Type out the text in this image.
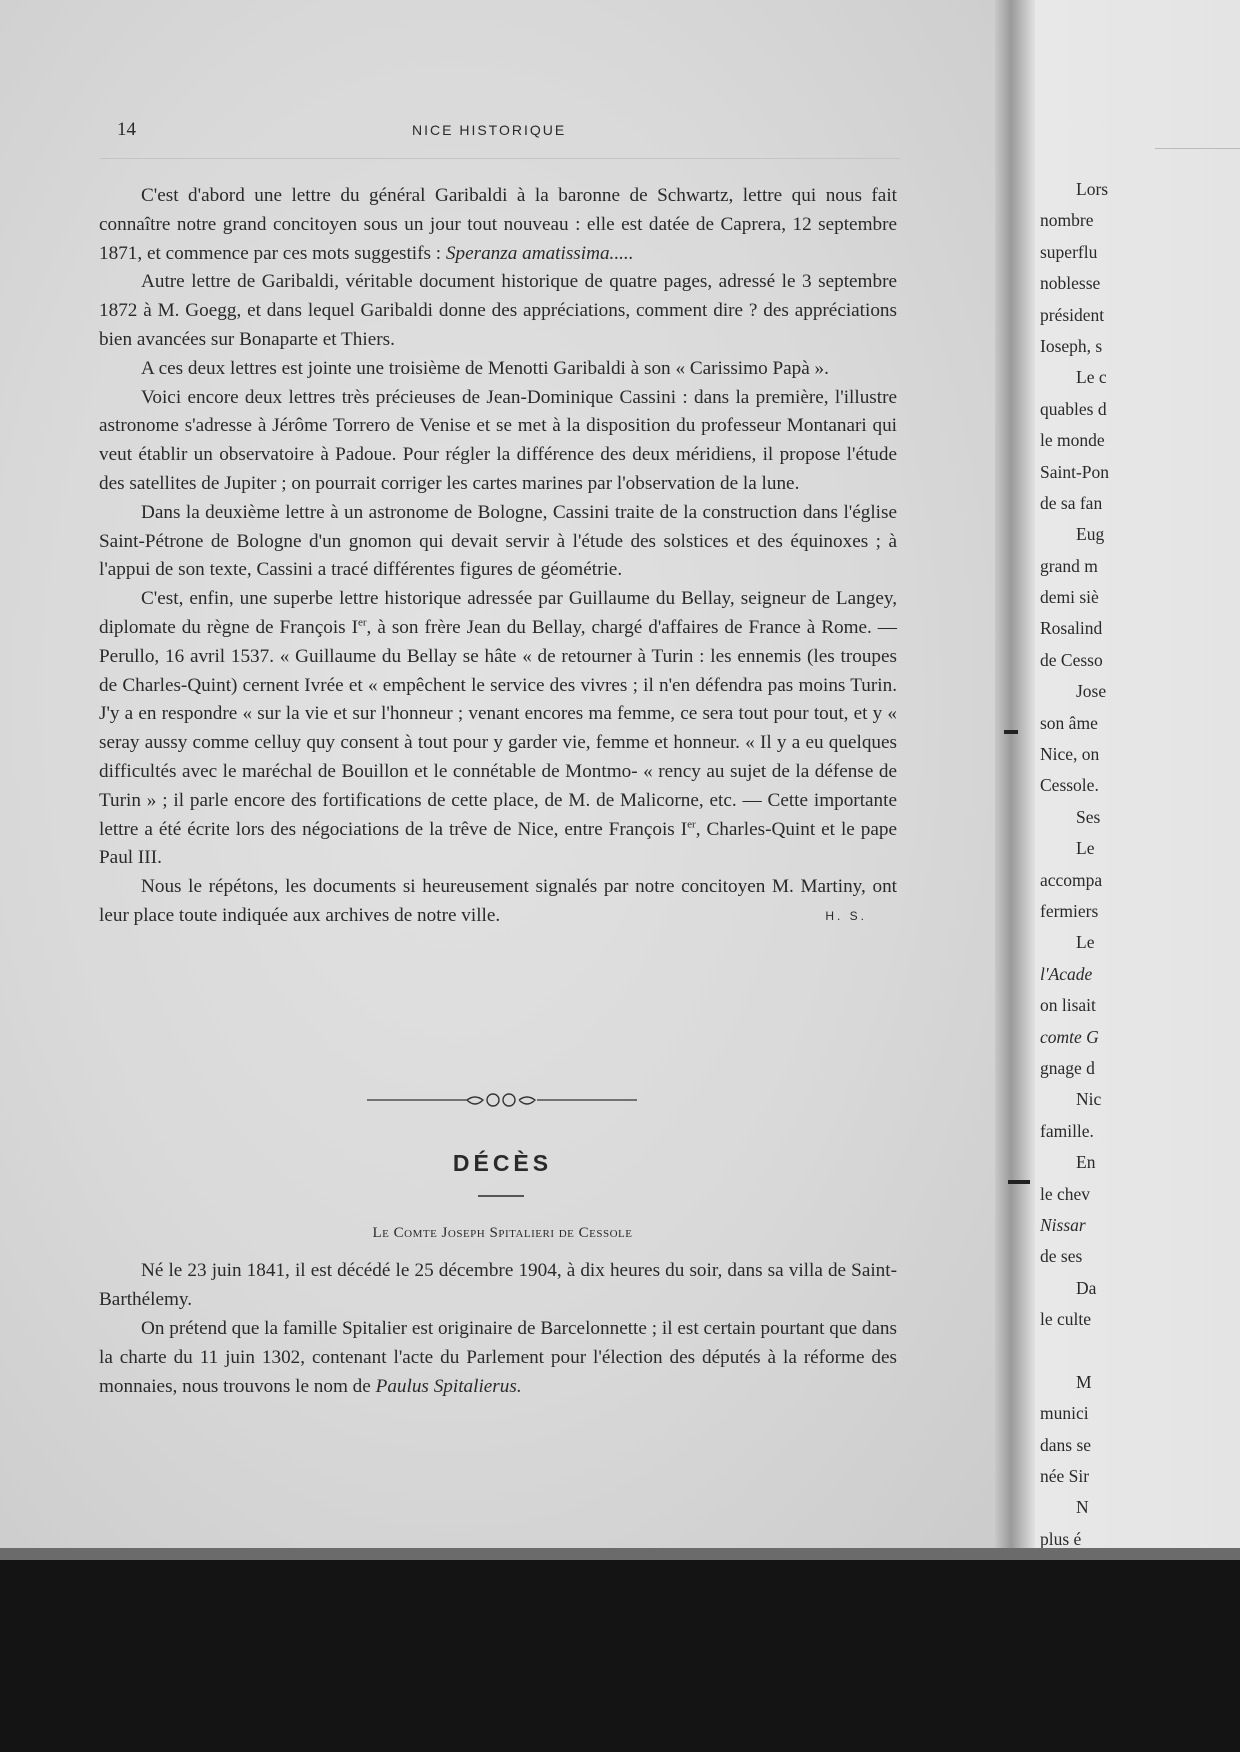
14	NICE HISTORIQUE

C'est d'abord une lettre du général Garibaldi à la baronne de Schwartz, lettre qui nous fait connaître notre grand concitoyen sous un jour tout nouveau : elle est datée de Caprera, 12 septembre 1871, et commence par ces mots suggestifs : Speranza amatissima.....

Autre lettre de Garibaldi, véritable document historique de quatre pages, adressé le 3 septembre 1872 à M. Goegg, et dans lequel Garibaldi donne des appréciations, comment dire ? des appréciations bien avancées sur Bonaparte et Thiers.

A ces deux lettres est jointe une troisième de Menotti Garibaldi à son « Carissimo Papà ».

Voici encore deux lettres très précieuses de Jean-Dominique Cassini : dans la première, l'illustre astronome s'adresse à Jérôme Torrero de Venise et se met à la disposition du professeur Montanari qui veut établir un observatoire à Padoue. Pour régler la différence des deux méridiens, il propose l'étude des satellites de Jupiter ; on pourrait corriger les cartes marines par l'observation de la lune.

Dans la deuxième lettre à un astronome de Bologne, Cassini traite de la construction dans l'église Saint-Pétrone de Bologne d'un gnomon qui devait servir à l'étude des solstices et des équinoxes ; à l'appui de son texte, Cassini a tracé différentes figures de géométrie.

C'est, enfin, une superbe lettre historique adressée par Guillaume du Bellay, seigneur de Langey, diplomate du règne de François Ier, à son frère Jean du Bellay, chargé d'affaires de France à Rome. — Perullo, 16 avril 1537. « Guillaume du Bellay se hâte « de retourner à Turin : les ennemis (les troupes de Charles-Quint) cernent Ivrée et « empêchent le service des vivres ; il n'en défendra pas moins Turin. J'y a en respondre « sur la vie et sur l'honneur ; venant encores ma femme, ce sera tout pour tout, et y « seray aussy comme celluy quy consent à tout pour y garder vie, femme et honneur. « Il y a eu quelques difficultés avec le maréchal de Bouillon et le connétable de Montmo- « rency au sujet de la défense de Turin » ; il parle encore des fortifications de cette place, de M. de Malicorne, etc. — Cette importante lettre a été écrite lors des négociations de la trêve de Nice, entre François Ier, Charles-Quint et le pape Paul III.

Nous le répétons, les documents si heureusement signalés par notre concitoyen M. Martiny, ont leur place toute indiquée aux archives de notre ville.	H. S.

DÉCÈS
Le Comte Joseph Spitalieri de Cessole

Né le 23 juin 1841, il est décédé le 25 décembre 1904, à dix heures du soir, dans sa villa de Saint-Barthélemy.

On prétend que la famille Spitalier est originaire de Barcelonnette ; il est certain pourtant que dans la charte du 11 juin 1302, contenant l'acte du Parlement pour l'élection des députés à la réforme des monnaies, nous trouvons le nom de Paulus Spitalierus.

Lors
nombre
superflu
noblesse
président
Ioseph, s
Le c
quables d
le monde
Saint-Pon
de sa fan
Eug
grand m
demi siè
Rosalind
de Cesso
Jose
son âme
Nice, on
Cessole.
Ses
Le
accompa
fermiers
Le
l'Acade
on lisait
comte G
gnage d
Nic
famille.
En
le chev
Nissar
de ses
Da
le culte
M
munici
dans se
née Sir
N
plus é
